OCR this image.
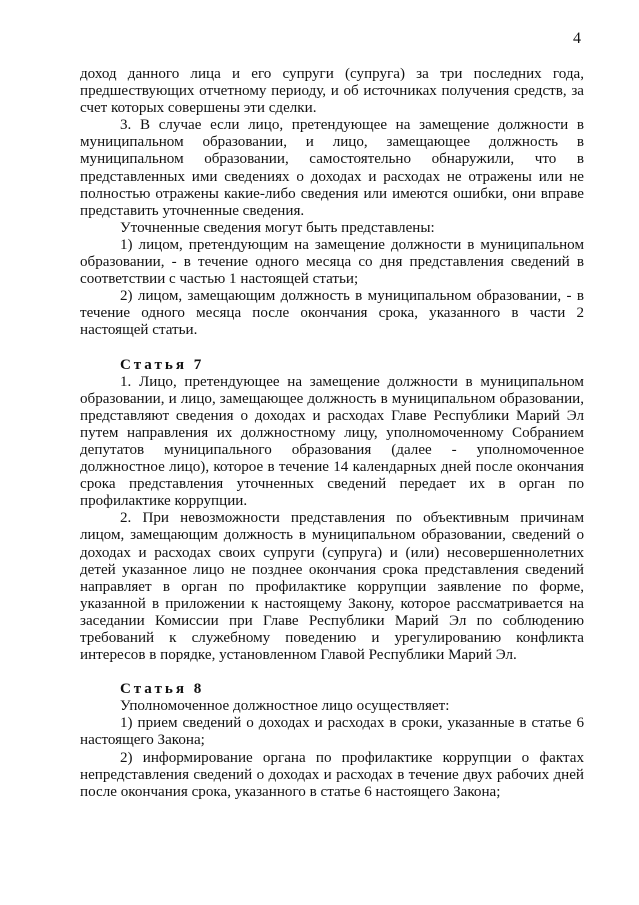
4

доход данного лица и его супруги (супруга) за три последних года, предшествующих отчетному периоду, и об источниках получения средств, за счет которых совершены эти сделки.

3. В случае если лицо, претендующее на замещение должности в муниципальном образовании, и лицо, замещающее должность в муниципальном образовании, самостоятельно обнаружили, что в представленных ими сведениях о доходах и расходах не отражены или не полностью отражены какие-либо сведения или имеются ошибки, они вправе представить уточненные сведения.

Уточненные сведения могут быть представлены:

1) лицом, претендующим на замещение должности в муниципальном образовании, - в течение одного месяца со дня представления сведений в соответствии с частью 1 настоящей статьи;

2) лицом, замещающим должность в муниципальном образовании, - в течение одного месяца после окончания срока, указанного в части 2 настоящей статьи.

Статья 7

1. Лицо, претендующее на замещение должности в муниципальном образовании, и лицо, замещающее должность в муниципальном образовании, представляют сведения о доходах и расходах Главе Республики Марий Эл путем направления их должностному лицу, уполномоченному Собранием депутатов муниципального образования (далее - уполномоченное должностное лицо), которое в течение 14 календарных дней после окончания срока представления уточненных сведений передает их в орган по профилактике коррупции.

2. При невозможности представления по объективным причинам лицом, замещающим должность в муниципальном образовании, сведений о доходах и расходах своих супруги (супруга) и (или) несовершеннолетних детей указанное лицо не позднее окончания срока представления сведений направляет в орган по профилактике коррупции заявление по форме, указанной в приложении к настоящему Закону, которое рассматривается на заседании Комиссии при Главе Республики Марий Эл по соблюдению требований к служебному поведению и урегулированию конфликта интересов в порядке, установленном Главой Республики Марий Эл.

Статья 8

Уполномоченное должностное лицо осуществляет:

1) прием сведений о доходах и расходах в сроки, указанные в статье 6 настоящего Закона;

2) информирование органа по профилактике коррупции о фактах непредставления сведений о доходах и расходах в течение двух рабочих дней после окончания срока, указанного в статье 6 настоящего Закона;
